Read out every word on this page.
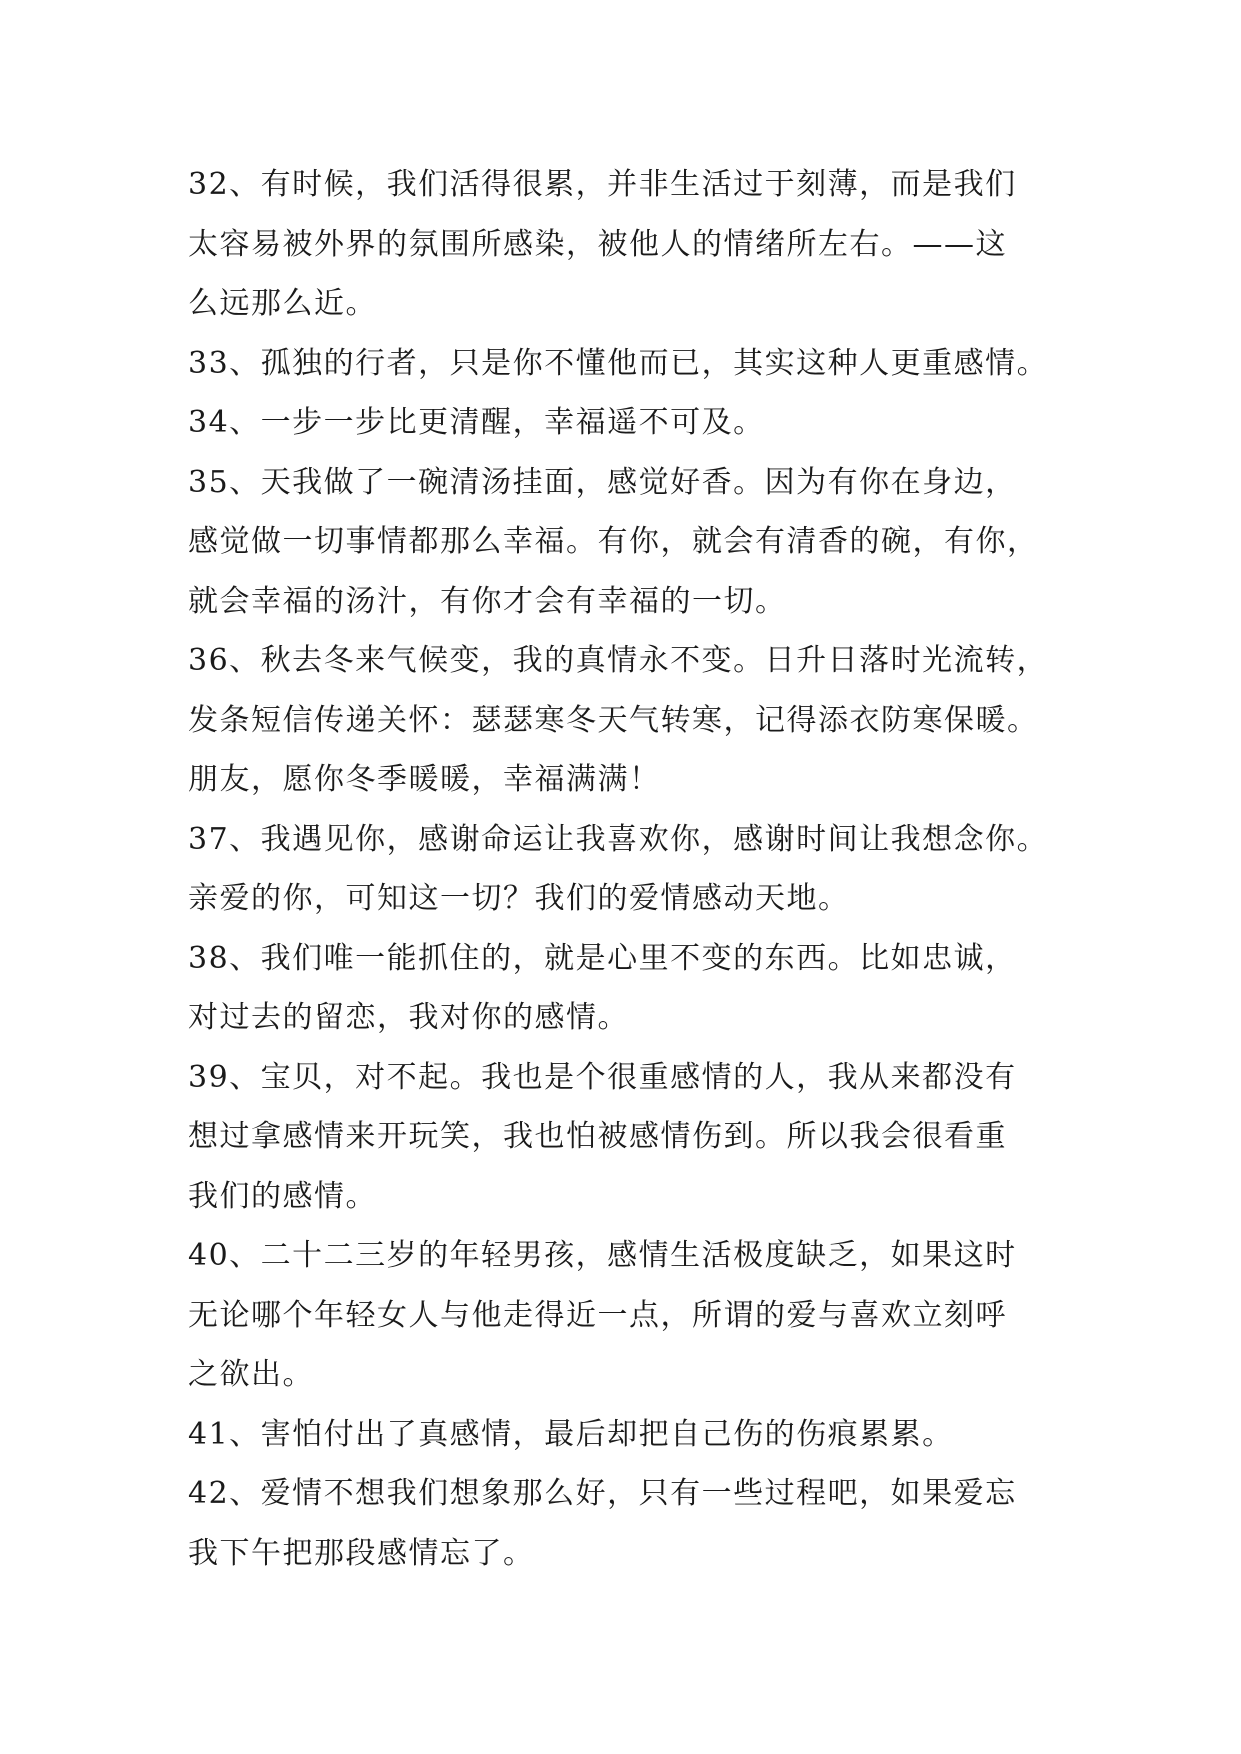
32、有时候，我们活得很累，并非生活过于刻薄，而是我们
太容易被外界的氛围所感染，被他人的情绪所左右。——这
么远那么近。
33、孤独的行者，只是你不懂他而已，其实这种人更重感情。
34、一步一步比更清醒，幸福遥不可及。
35、天我做了一碗清汤挂面，感觉好香。因为有你在身边，
感觉做一切事情都那么幸福。有你，就会有清香的碗，有你，
就会幸福的汤汁，有你才会有幸福的一切。
36、秋去冬来气候变，我的真情永不变。日升日落时光流转，
发条短信传递关怀：瑟瑟寒冬天气转寒，记得添衣防寒保暖。
朋友，愿你冬季暖暖，幸福满满！
37、我遇见你，感谢命运让我喜欢你，感谢时间让我想念你。
亲爱的你，可知这一切？我们的爱情感动天地。
38、我们唯一能抓住的，就是心里不变的东西。比如忠诚，
对过去的留恋，我对你的感情。
39、宝贝，对不起。我也是个很重感情的人，我从来都没有
想过拿感情来开玩笑，我也怕被感情伤到。所以我会很看重
我们的感情。
40、二十二三岁的年轻男孩，感情生活极度缺乏，如果这时
无论哪个年轻女人与他走得近一点，所谓的爱与喜欢立刻呼
之欲出。
41、害怕付出了真感情，最后却把自己伤的伤痕累累。
42、爱情不想我们想象那么好，只有一些过程吧，如果爱忘
我下午把那段感情忘了。
